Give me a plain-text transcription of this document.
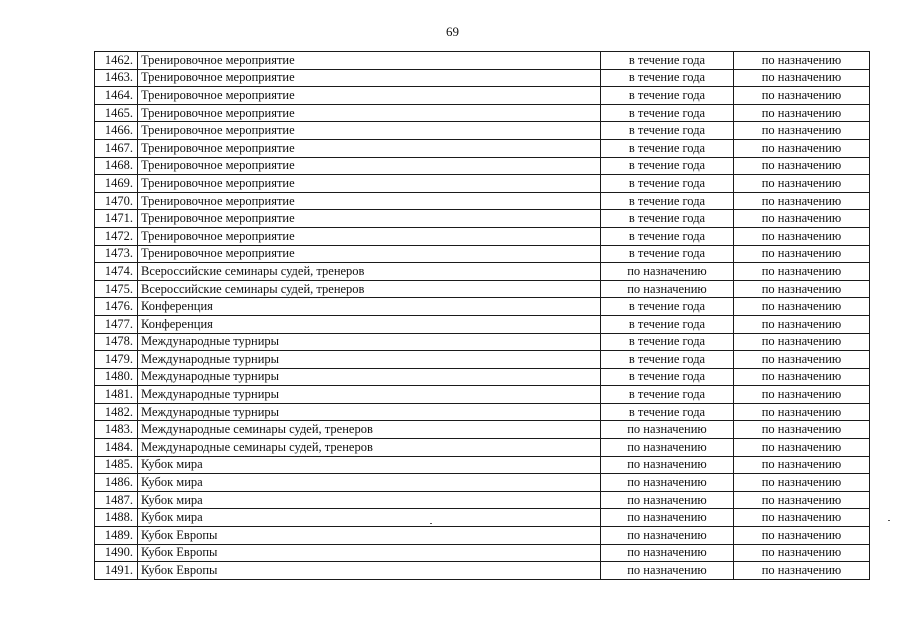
69
1462.	Тренировочное мероприятие	в течение года	по назначению
1463.	Тренировочное мероприятие	в течение года	по назначению
1464.	Тренировочное мероприятие	в течение года	по назначению
1465.	Тренировочное мероприятие	в течение года	по назначению
1466.	Тренировочное мероприятие	в течение года	по назначению
1467.	Тренировочное мероприятие	в течение года	по назначению
1468.	Тренировочное мероприятие	в течение года	по назначению
1469.	Тренировочное мероприятие	в течение года	по назначению
1470.	Тренировочное мероприятие	в течение года	по назначению
1471.	Тренировочное мероприятие	в течение года	по назначению
1472.	Тренировочное мероприятие	в течение года	по назначению
1473.	Тренировочное мероприятие	в течение года	по назначению
1474.	Всероссийские семинары судей, тренеров	по назначению	по назначению
1475.	Всероссийские семинары судей, тренеров	по назначению	по назначению
1476.	Конференция	в течение года	по назначению
1477.	Конференция	в течение года	по назначению
1478.	Международные турниры	в течение года	по назначению
1479.	Международные турниры	в течение года	по назначению
1480.	Международные турниры	в течение года	по назначению
1481.	Международные турниры	в течение года	по назначению
1482.	Международные турниры	в течение года	по назначению
1483.	Международные семинары судей, тренеров	по назначению	по назначению
1484.	Международные семинары судей, тренеров	по назначению	по назначению
1485.	Кубок мира	по назначению	по назначению
1486.	Кубок мира	по назначению	по назначению
1487.	Кубок мира	по назначению	по назначению
1488.	Кубок мира	по назначению	по назначению
1489.	Кубок Европы	по назначению	по назначению
1490.	Кубок Европы	по назначению	по назначению
1491.	Кубок Европы	по назначению	по назначению
